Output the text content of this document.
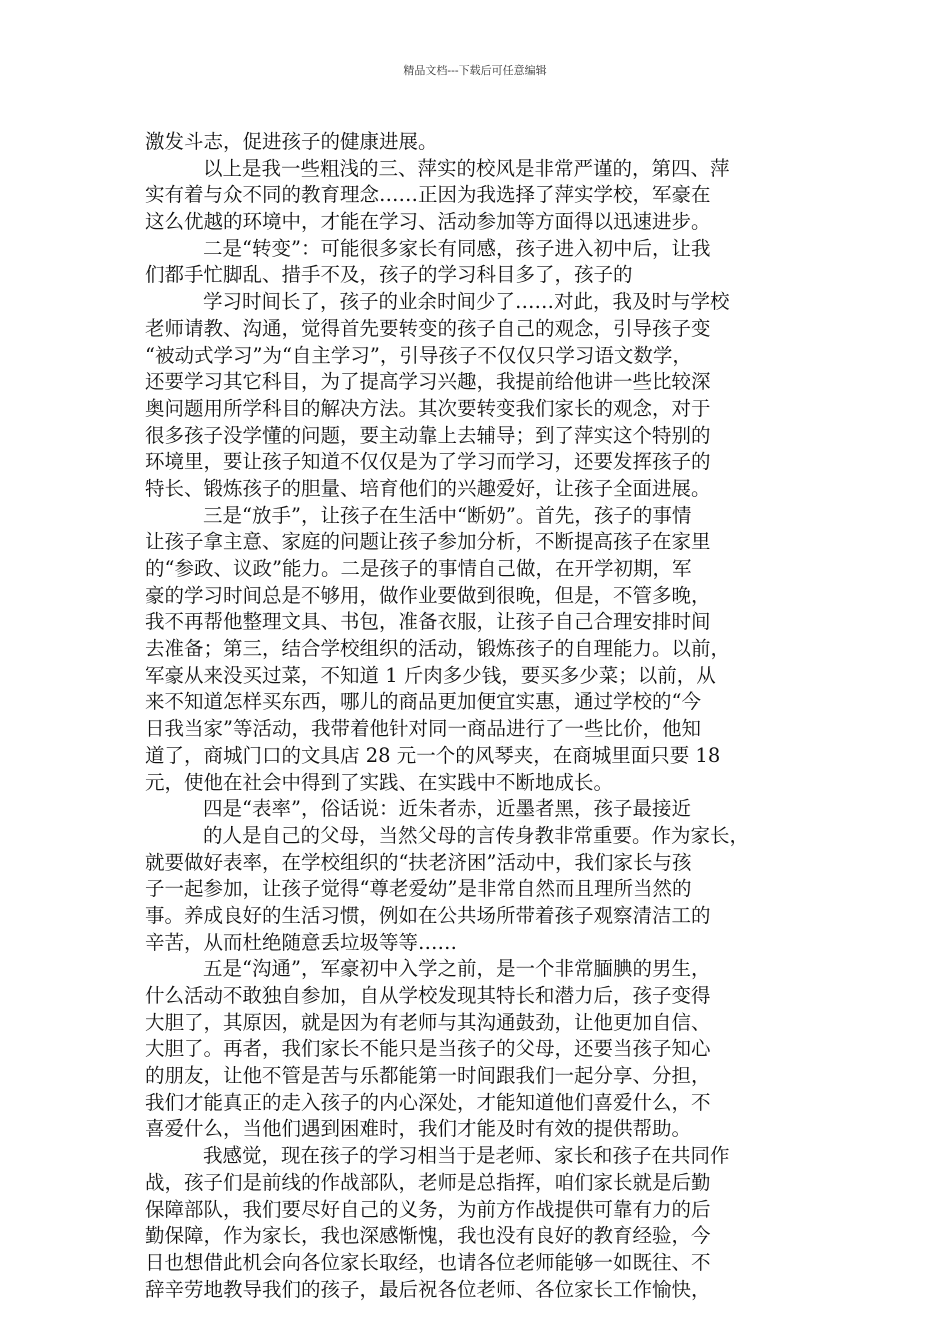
精品文档---下载后可任意编辑
激发斗志，促进孩子的健康进展。
以上是我一些粗浅的三、萍实的校风是非常严谨的，第四、萍
实有着与众不同的教育理念……正因为我选择了萍实学校，军豪在
这么优越的环境中，才能在学习、活动参加等方面得以迅速进步。
二是“转变”：可能很多家长有同感，孩子进入初中后，让我
们都手忙脚乱、措手不及，孩子的学习科目多了，孩子的
学习时间长了，孩子的业余时间少了……对此，我及时与学校
老师请教、沟通，觉得首先要转变的孩子自己的观念，引导孩子变
“被动式学习”为“自主学习”，引导孩子不仅仅只学习语文数学，
还要学习其它科目，为了提高学习兴趣，我提前给他讲一些比较深
奥问题用所学科目的解决方法。其次要转变我们家长的观念，对于
很多孩子没学懂的问题，要主动靠上去辅导；到了萍实这个特别的
环境里，要让孩子知道不仅仅是为了学习而学习，还要发挥孩子的
特长、锻炼孩子的胆量、培育他们的兴趣爱好，让孩子全面进展。
三是“放手”，让孩子在生活中“断奶”。首先，孩子的事情
让孩子拿主意、家庭的问题让孩子参加分析，不断提高孩子在家里
的“参政、议政”能力。二是孩子的事情自己做，在开学初期，军
豪的学习时间总是不够用，做作业要做到很晚，但是，不管多晚，
我不再帮他整理文具、书包，准备衣服，让孩子自己合理安排时间
去准备；第三，结合学校组织的活动，锻炼孩子的自理能力。以前，
军豪从来没买过菜，不知道 1 斤肉多少钱，要买多少菜；以前，从
来不知道怎样买东西，哪儿的商品更加便宜实惠，通过学校的“今
日我当家”等活动，我带着他针对同一商品进行了一些比价，他知
道了，商城门口的文具店 28 元一个的风琴夹，在商城里面只要 18
元，使他在社会中得到了实践、在实践中不断地成长。
四是“表率”，俗话说：近朱者赤，近墨者黑，孩子最接近
的人是自己的父母，当然父母的言传身教非常重要。作为家长，
就要做好表率，在学校组织的“扶老济困”活动中，我们家长与孩
子一起参加，让孩子觉得“尊老爱幼”是非常自然而且理所当然的
事。养成良好的生活习惯，例如在公共场所带着孩子观察清洁工的
辛苦，从而杜绝随意丢垃圾等等……
五是“沟通”，军豪初中入学之前，是一个非常腼腆的男生，
什么活动不敢独自参加，自从学校发现其特长和潜力后，孩子变得
大胆了，其原因，就是因为有老师与其沟通鼓劲，让他更加自信、
大胆了。再者，我们家长不能只是当孩子的父母，还要当孩子知心
的朋友，让他不管是苦与乐都能第一时间跟我们一起分享、分担，
我们才能真正的走入孩子的内心深处，才能知道他们喜爱什么，不
喜爱什么，当他们遇到困难时，我们才能及时有效的提供帮助。
我感觉，现在孩子的学习相当于是老师、家长和孩子在共同作
战，孩子们是前线的作战部队，老师是总指挥，咱们家长就是后勤
保障部队，我们要尽好自己的义务，为前方作战提供可靠有力的后
勤保障，作为家长，我也深感惭愧，我也没有良好的教育经验，今
日也想借此机会向各位家长取经，也请各位老师能够一如既往、不
辞辛劳地教导我们的孩子，最后祝各位老师、各位家长工作愉快，
